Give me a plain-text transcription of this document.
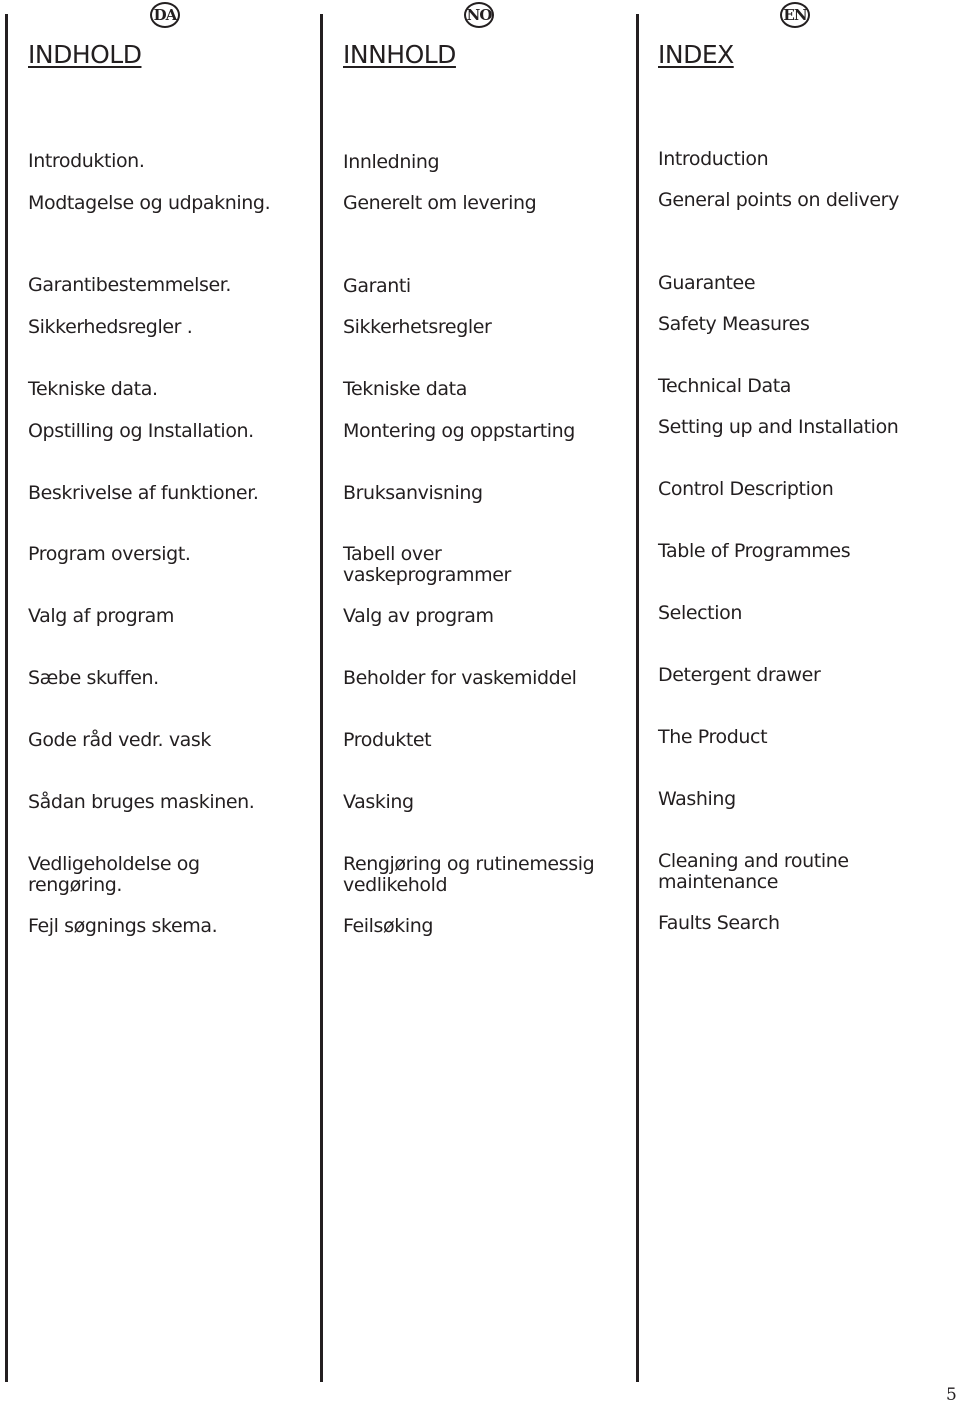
DA
INDHOLD
Introduktion.
Modtagelse og udpakning.
Garantibestemmelser.
Sikkerhedsregler .
Tekniske data.
Opstilling og Installation.
Beskrivelse af funktioner.
Program oversigt.
Valg af program
Sæbe skuffen.
Gode råd vedr. vask
Sådan bruges maskinen.
Vedligeholdelse og rengøring.
Fejl søgnings skema.
NO
INNHOLD
Innledning
Generelt om levering
Garanti
Sikkerhetsregler
Tekniske data
Montering og oppstarting
Bruksanvisning
Tabell over vaskeprogrammer
Valg av program
Beholder for vaskemiddel
Produktet
Vasking
Rengjøring og rutinemessig vedlikehold
Feilsøking
EN
INDEX
Introduction
General points on delivery
Guarantee
Safety Measures
Technical Data
Setting up and Installation
Control Description
Table of Programmes
Selection
Detergent drawer
The Product
Washing
Cleaning and routine maintenance
Faults Search
5
